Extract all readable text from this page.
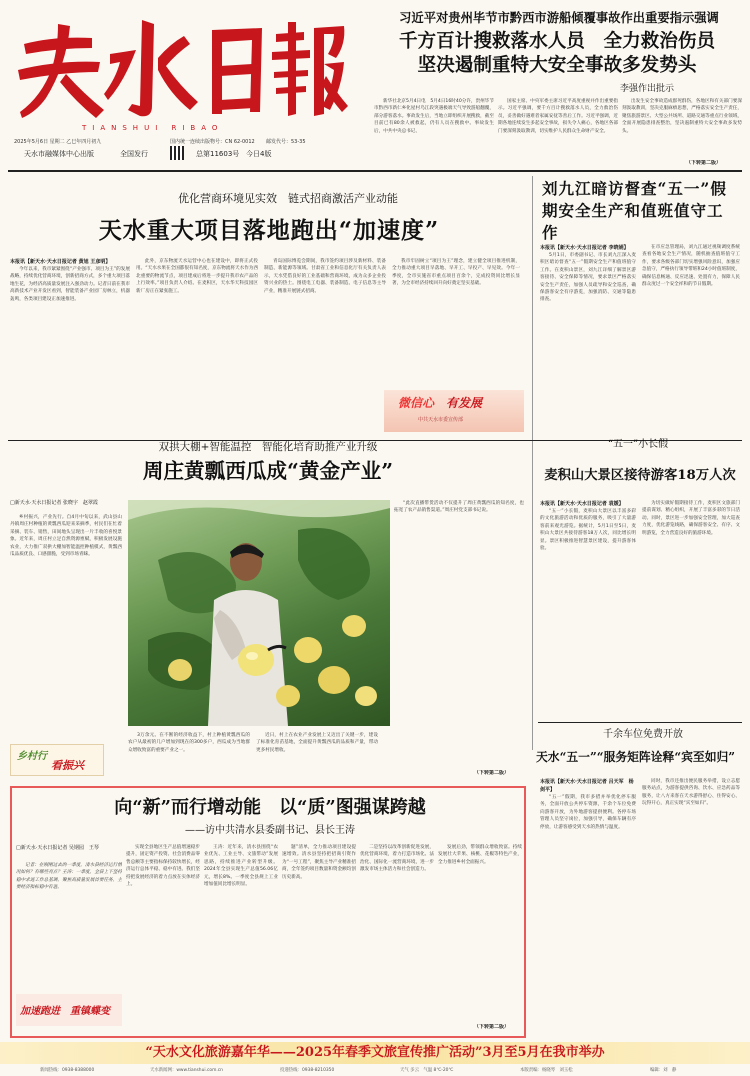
TIANSHUI RIBAO
2025年5月6日 星期二 乙巳年四月初九	国内统一连续出版物号：CN 62-0012 邮发代号：53-35
天水市融媒体中心出版	全国发行	总第11603号 今日4版
习近平对贵州毕节市黔西市游船倾覆事故作出重要指示强调
千方百计搜救落水人员　全力救治伤员
坚决遏制重特大安全事故多发势头
李强作出批示

新华社北京5月4日电　5月4日16时40分许，贵州毕节市黔西市新仁乡化屋村乌江段突遇极端天气导致游船翻覆，部分游客落水。事故发生后，当地立即组织开展搜救，截至目前已有80余人被救起，仍有人员在搜救中。事故发生后，中共中央总书记、

国家主席、中央军委主席习近平高度重视并作出重要指示。习近平强调，要千方百计搜救落水人员，全力救治伤员，妥善做好遇难者家属安抚等善后工作。习近平强调，近期各地连续发生多起安全事故，损失令人痛心，各地区各部门要深刻汲取教训，切实维护人民群众生命财产安全。

出发生安全事故造成群死群伤，各地区和有关部门要深刻汲取教训，坚决克服麻痹思想，严格落实安全生产责任，聚焦旅游景区、大型公共场所、道路交通等重点行业领域，全面开展隐患排查整治，坚决遏制重特大安全事故多发势头。

（下转第二版）
优化营商环境见实效　链式招商激活产业动能
天水重大项目落地跑出“加速度”
本报讯【新天水·天水日报记者 黄旭 王彦明】

今年以来，我市紧紧围绕“产业强市、项目为王”的发展战略，持续优化营商环境，创新招商方式，多个重大项目落地生花，为经济高质量发展注入强劲动力。记者日前在我市高新技术产业开发区看到，智能装备产业园厂房林立，机器轰鸣，各类项目建设正加速推进。

此外，京东物流天水运营中心也在建设中，即将正式投用。“天水水果在全国都很有知名度，京东物流将天水作为西北重要的物流节点，项目建成后将进一步提升我市农产品的上行效率。”项目负责人介绍。在麦积区，天水华天科技园区新厂房正在紧张施工。

青岛国际博览会期间，我市签约项目涉及新材料、装备制造、新能源等领域。甘肃省工业和信息化厅有关负责人表示，天水凭借良好的工业基础和营商环境，成为众多企业投资兴业的热土。围绕电工电器、装备制造、电子信息等主导产业，精准开展链式招商。

我市牢固树立“项目为王”理念，建立健全项目推进机制，全力推动重大项目早落地、早开工、早投产、早见效。今年一季度，全市实施省市重点项目百余个，完成投资同比增长显著，为全市经济持续回升向好奠定坚实基础。

刘九江暗访督查“五一”假期安全生产和值班值守工作
本报讯【新天水·天水日报记者 李晓娟】

5月1日，市委副书记、市长刘九江深入麦积区暗访督查“五一”假期安全生产和值班值守工作。在麦积山景区，刘九江详细了解景区游客接待、安全保障等情况，要求景区严格落实安全生产责任，加强人员疏导和安全巡查，确保游客安全有序游览，加强消防、交通等隐患排查。

在市应急管理局，刘九江通过视频调度系统查看各地安全生产情况，随机抽查值班值守工作，要求各级各部门切实增强风险意识，加强应急值守，严格执行领导带班和24小时值班制度，确保信息畅通、反应迅速、处置有力，保障人民群众度过一个安全祥和的节日假期。

微信心 有发展
中共天水市委宣传部
双拱大棚+智能温控　智能化培育助推产业升级
周庄黄瓢西瓜成“黄金产业”
□新天水·天水日报记者 张晓宇　赵翠霞

乡村振兴，产业先行。自4月中旬以来，武山县山丹镇周庄村种植的黄瓢西瓜迎来采摘季，村民们在忙着采摘、装车、销售，田间地头呈现出一片丰收的喜悦景象。近年来，周庄村立足自然资源禀赋，积极发展设施农业，大力推广双拱大棚加智能温控种植模式，黄瓢西瓜品质优良、口感甜脆，受到市场青睐。

乡村行
看振兴

3万余元。在不断的经济收益下，村上种植黄瓢西瓜的农户从最初的几户增加到现在的300多户，西瓜成为当地群众增收致富的重要产业之一。

近日，村上在农业产业发展上又迈出了关键一步，建设了标准化育苗基地，全面提升黄瓢西瓜的品质和产量，带动更多村民增收。

“此次直播带货活动不仅提升了周庄黄瓢西瓜的知名度，也拓宽了农产品销售渠道。”周庄村党支部书记说。

（下转第二版）
“五一”小长假
麦积山大景区接待游客18万人次
本报讯【新天水·天水日报记者 袁媛】

“五一”小长假，麦积山大景区以丰富多彩的文化旅游活动和优质的服务，吸引了大量游客前来观光游览。据统计，5月1日至5日，麦积山大景区共接待游客18万人次，同比增长明显。景区积极推进智慧景区建设，提升游客体验。

为切实做好假期接待工作，麦积区文旅部门提前谋划、精心组织，开展了丰富多彩的节日活动。同时，景区进一步加强安全管理，加大巡查力度，优化游览线路，确保游客安全、有序、文明游览，全力营造良好的旅游环境。

千余车位免费开放
天水“五一”“服务矩阵诠释“宾至如归”
本报讯【新天水·天水日报记者 吕天军　杨剑平】

“五一”假期，我市多措并举优化停车服务，全面开放公共停车资源，千余个车位免费向游客开放，为外地游客提供便利。各停车场管理人员坚守岗位，加强引导，确保车辆有序停放，让游客感受到天水的热情与温度。

同时，我市还推出便民服务举措，设立志愿服务站点，为游客提供咨询、饮水、应急药品等服务，让八方来客在天水游得舒心、住得安心、玩得开心，真正实现“宾至如归”。

向“新”而行增动能　以“质”图强谋跨越
——访中共清水县委副书记、县长王涛
□新天水·天水日报记者 吴钢园　王琴

记者：在刚刚过去的一季度，清水县经济运行情况如何？有哪些亮点？王涛：一季度，全县上下坚持稳中求进工作总基调，聚焦高质量发展首要任务，主要经济指标稳中有进。

加速跑进　重镇蝶变

实现全县地区生产总值增速稳步提升，固定资产投资、社会消费品零售总额等主要指标保持较快增长，经济运行总体平稳、稳中有进。我们坚持把发展经济的着力点放在实体经济上。

王涛：近年来，清水县围绕“农业优先、工业主导、文旅带动”发展思路，持续推进产业转型升级。2024年全县实现生产总值56.06亿元，增长8%。一季度全县规上工业增加值同比增长明显。

题”清单，全力推动项目建设提速增效。清水县坚持把招商引资作为“一号工程”，聚焦主导产业精准招商，全年签约项目数量和资金额均创历史新高。

二是坚持以改革创新促进发展，优化营商环境，着力打造市场化、法治化、国际化一流营商环境，进一步激发市场主体活力和社会创造力。

发展后劲，带领群众增收致富。持续发展壮大苹果、核桃、花椒等特色产业，全力推进乡村全面振兴。

（下转第二版）
“天水文化旅游嘉年华——2025年春季文旅宣传推广活动”3月至5月在我市举办
新闻热线：0938-8388000	天水新闻网：www.tianshui.com.cn	投递热线：0938-8210350	天气 多云　气温 8℃-20℃	本版责编：杨晓琴　刘玉松	编辑：刘　静
